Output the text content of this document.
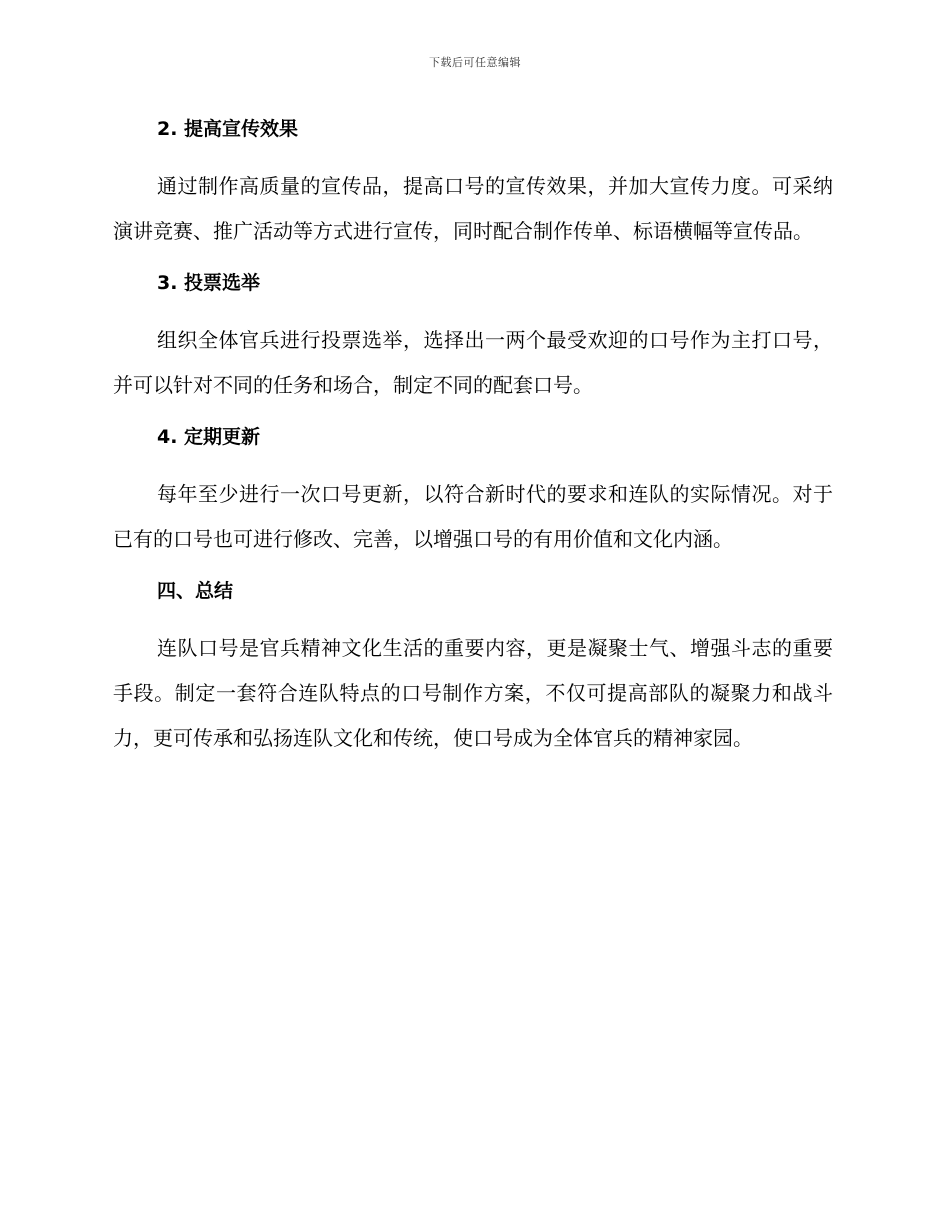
下载后可任意编辑
2. 提高宣传效果

通过制作高质量的宣传品，提高口号的宣传效果，并加大宣传力度。可采纳演讲竞赛、推广活动等方式进行宣传，同时配合制作传单、标语横幅等宣传品。

3. 投票选举

组织全体官兵进行投票选举，选择出一两个最受欢迎的口号作为主打口号，并可以针对不同的任务和场合，制定不同的配套口号。

4. 定期更新

每年至少进行一次口号更新，以符合新时代的要求和连队的实际情况。对于已有的口号也可进行修改、完善，以增强口号的有用价值和文化内涵。

四、总结

连队口号是官兵精神文化生活的重要内容，更是凝聚士气、增强斗志的重要手段。制定一套符合连队特点的口号制作方案，不仅可提高部队的凝聚力和战斗力，更可传承和弘扬连队文化和传统，使口号成为全体官兵的精神家园。
